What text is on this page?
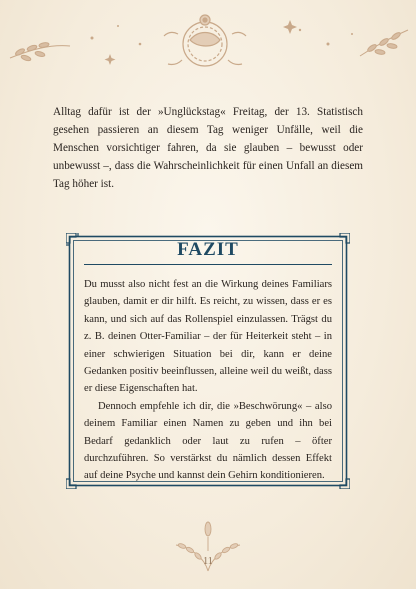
Alltag dafür ist der »Unglückstag« Freitag, der 13. Statistisch gesehen passieren an diesem Tag weniger Unfälle, weil die Menschen vorsichtiger fahren, da sie glauben – bewusst oder unbewusst –, dass die Wahrscheinlichkeit für einen Unfall an diesem Tag höher ist.

FAZIT

Du musst also nicht fest an die Wirkung deines Familiars glauben, damit er dir hilft. Es reicht, zu wissen, dass er es kann, und sich auf das Rollenspiel einzulassen. Trägst du z. B. deinen Otter-Familiar – der für Heiterkeit steht – in einer schwierigen Situation bei dir, kann er deine Gedanken positiv beeinflussen, alleine weil du weißt, dass er diese Eigenschaften hat.
Dennoch empfehle ich dir, die »Beschwörung« – also deinem Familiar einen Namen zu geben und ihn bei Bedarf gedanklich oder laut zu rufen – öfter durchzuführen. So verstärkst du nämlich dessen Effekt auf deine Psyche und kannst dein Gehirn konditionieren.

11
